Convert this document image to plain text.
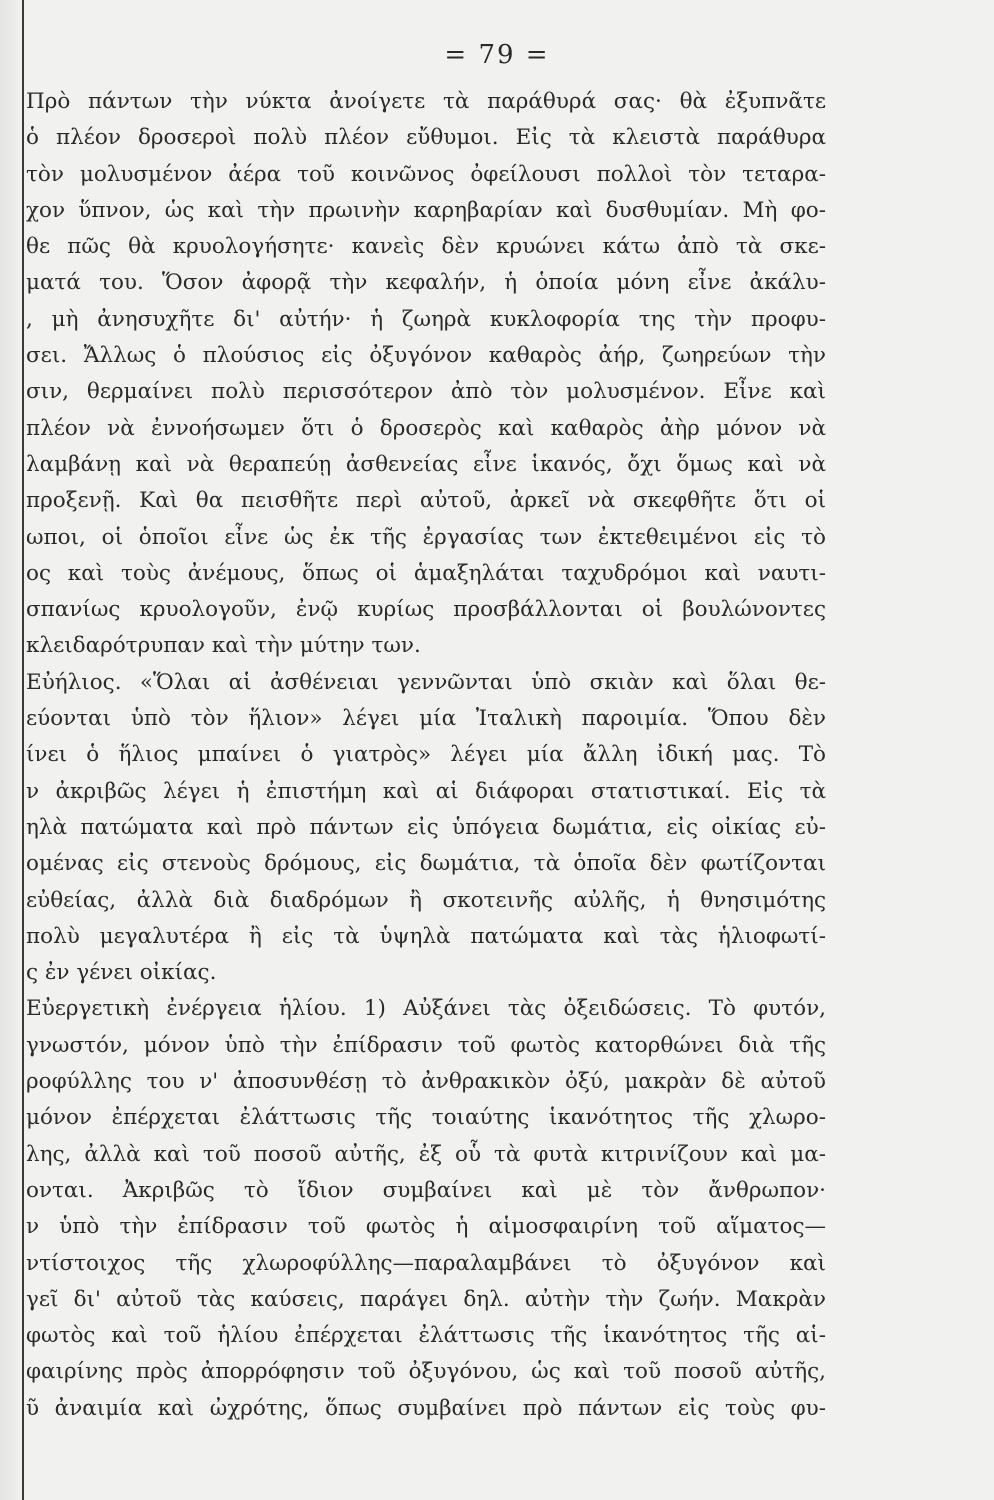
= 79 =
Πρὸ πάντων τὴν νύκτα ἀνοίγετε τὰ παράθυρά σας· θὰ ἐξυπνᾶτε
ὁ πλέον δροσεροὶ πολὺ πλέον εὔθυμοι. Εἰς τὰ κλειστὰ παράθυρα
τὸν μολυσμένον ἀέρα τοῦ κοινῶνος ὀφείλουσι πολλοὶ τὸν τεταρα-
χον ὕπνον, ὡς καὶ τὴν πρωινὴν καρηβαρίαν καὶ δυσθυμίαν. Μὴ φο-
θε πῶς θὰ κρυολογήσητε· κανεὶς δὲν κρυώνει κάτω ἀπὸ τὰ σκε-
ματά του. Ὅσον ἀφορᾷ τὴν κεφαλήν, ἡ ὁποία μόνη εἶνε ἀκάλυ-
, μὴ ἀνησυχῆτε δι' αὐτήν· ἡ ζωηρὰ κυκλοφορία της τὴν προφυ-
σει. Ἄλλως ὁ πλούσιος εἰς ὀξυγόνον καθαρὸς ἀήρ, ζωηρεύων τὴν
σιν, θερμαίνει πολὺ περισσότερον ἀπὸ τὸν μολυσμένον. Εἶνε καὶ
πλέον νὰ ἐννοήσωμεν ὅτι ὁ δροσερὸς καὶ καθαρὸς ἀὴρ μόνον νὰ
λαμβάνῃ καὶ νὰ θεραπεύῃ ἀσθενείας εἶνε ἱκανός, ὄχι ὅμως καὶ νὰ
προξενῇ. Καὶ θα πεισθῆτε περὶ αὐτοῦ, ἀρκεῖ νὰ σκεφθῆτε ὅτι οἱ
ωποι, οἱ ὁποῖοι εἶνε ὡς ἐκ τῆς ἐργασίας των ἐκτεθειμένοι εἰς τὸ
ος καὶ τοὺς ἀνέμους, ὅπως οἱ ἁμαξηλάται ταχυδρόμοι καὶ ναυτι-
σπανίως κρυολογοῦν, ἐνῷ κυρίως προσβάλλονται οἱ βουλώνοντες
κλειδαρότρυπαν καὶ τὴν μύτην των.
Εὐήλιος. «Ὅλαι αἱ ἀσθένειαι γεννῶνται ὑπὸ σκιὰν καὶ ὅλαι θε-
εύονται ὑπὸ τὸν ἥλιον» λέγει μία Ἰταλικὴ παροιμία. Ὅπου δὲν
ίνει ὁ ἥλιος μπαίνει ὁ γιατρὸς» λέγει μία ἄλλη ἰδική μας. Τὸ
ν ἀκριβῶς λέγει ἡ ἐπιστήμη καὶ αἱ διάφοραι στατιστικαί. Εἰς τὰ
ηλὰ πατώματα καὶ πρὸ πάντων εἰς ὑπόγεια δωμάτια, εἰς οἰκίας εὐ-
ομένας εἰς στενοὺς δρόμους, εἰς δωμάτια, τὰ ὁποῖα δὲν φωτίζονται
εὐθείας, ἀλλὰ διὰ διαδρόμων ἢ σκοτεινῆς αὐλῆς, ἡ θνησιμότης
πολὺ μεγαλυτέρα ἢ εἰς τὰ ὑψηλὰ πατώματα καὶ τὰς ἡλιοφωτί-
ς ἐν γένει οἰκίας.
Εὐεργετικὴ ἐνέργεια ἡλίου. 1) Αὐξάνει τὰς ὀξειδώσεις. Τὸ φυτόν,
γνωστόν, μόνον ὑπὸ τὴν ἐπίδρασιν τοῦ φωτὸς κατορθώνει διὰ τῆς
ροφύλλης του ν' ἀποσυνθέσῃ τὸ ἀνθρακικὸν ὀξύ, μακρὰν δὲ αὐτοῦ
μόνον ἐπέρχεται ἐλάττωσις τῆς τοιαύτης ἱκανότητος τῆς χλωρο-
λης, ἀλλὰ καὶ τοῦ ποσοῦ αὐτῆς, ἐξ οὗ τὰ φυτὰ κιτρινίζουν καὶ μα-
ονται. Ἀκριβῶς τὸ ἴδιον συμβαίνει καὶ μὲ τὸν ἄνθρωπον·
ν ὑπὸ τὴν ἐπίδρασιν τοῦ φωτὸς ἡ αἱμοσφαιρίνη τοῦ αἵματος—
ντίστοιχος τῆς χλωροφύλλης—παραλαμβάνει τὸ ὀξυγόνον καὶ
γεῖ δι' αὐτοῦ τὰς καύσεις, παράγει δηλ. αὐτὴν τὴν ζωήν. Μακρὰν
φωτὸς καὶ τοῦ ἡλίου ἐπέρχεται ἐλάττωσις τῆς ἱκανότητος τῆς αἱ-
φαιρίνης πρὸς ἀπορρόφησιν τοῦ ὀξυγόνου, ὡς καὶ τοῦ ποσοῦ αὐτῆς,
ῦ ἀναιμία καὶ ὠχρότης, ὅπως συμβαίνει πρὸ πάντων εἰς τοὺς φυ-
